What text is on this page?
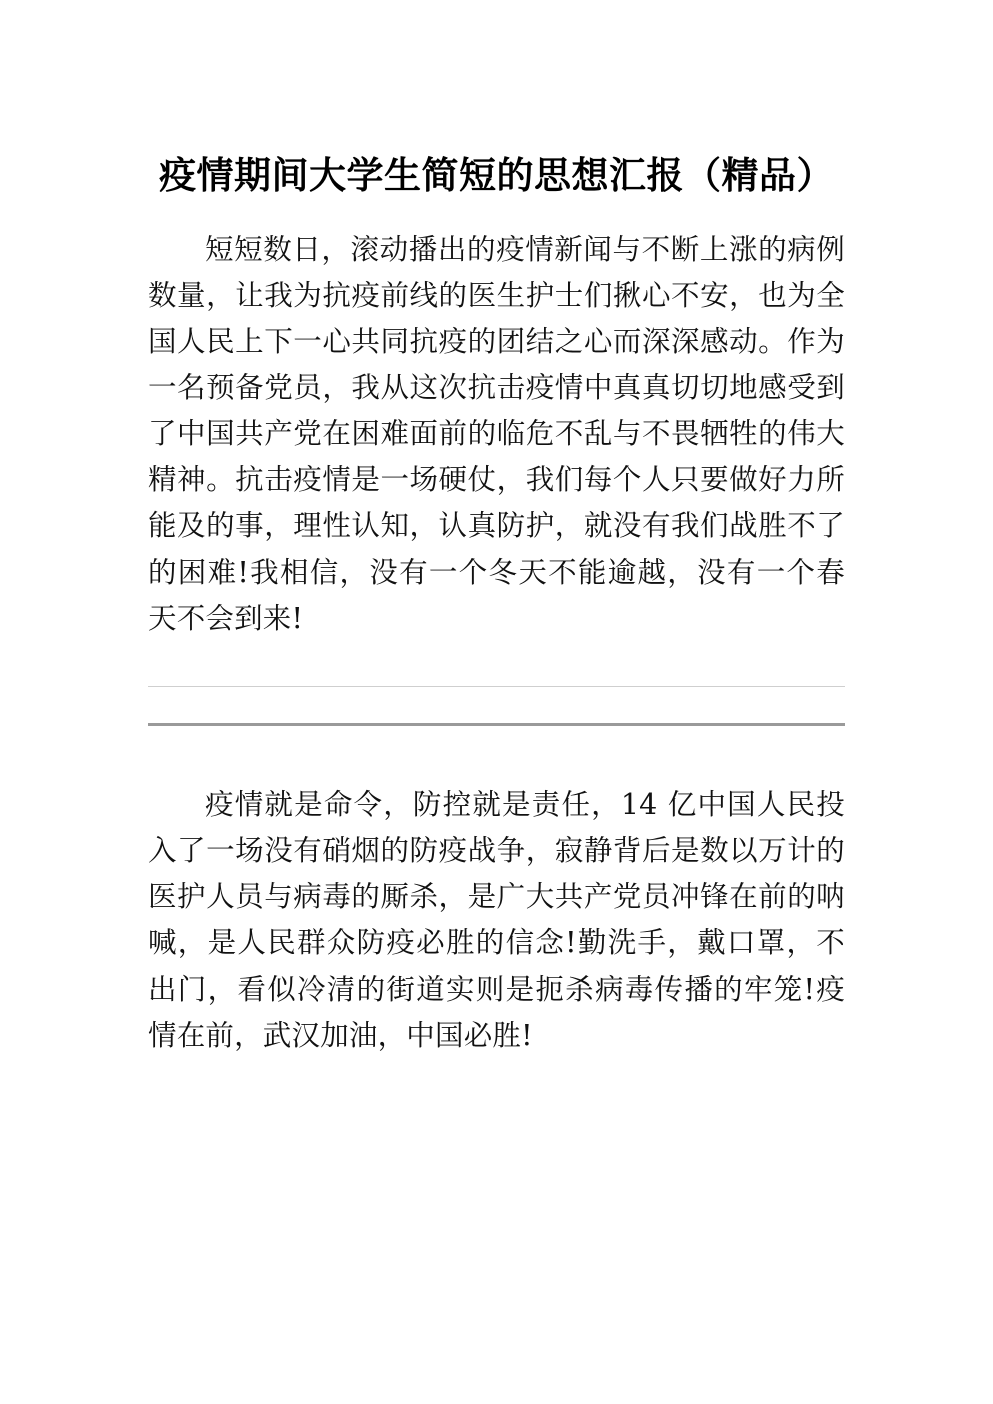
疫情期间大学生简短的思想汇报（精品）

短短数日，滚动播出的疫情新闻与不断上涨的病例数量，让我为抗疫前线的医生护士们揪心不安，也为全国人民上下一心共同抗疫的团结之心而深深感动。作为一名预备党员，我从这次抗击疫情中真真切切地感受到了中国共产党在困难面前的临危不乱与不畏牺牲的伟大精神。抗击疫情是一场硬仗，我们每个人只要做好力所能及的事，理性认知，认真防护，就没有我们战胜不了的困难!我相信，没有一个冬天不能逾越，没有一个春天不会到来!

疫情就是命令，防控就是责任，14 亿中国人民投入了一场没有硝烟的防疫战争，寂静背后是数以万计的医护人员与病毒的厮杀，是广大共产党员冲锋在前的呐喊，是人民群众防疫必胜的信念!勤洗手，戴口罩，不出门，看似冷清的街道实则是扼杀病毒传播的牢笼!疫情在前，武汉加油，中国必胜!
